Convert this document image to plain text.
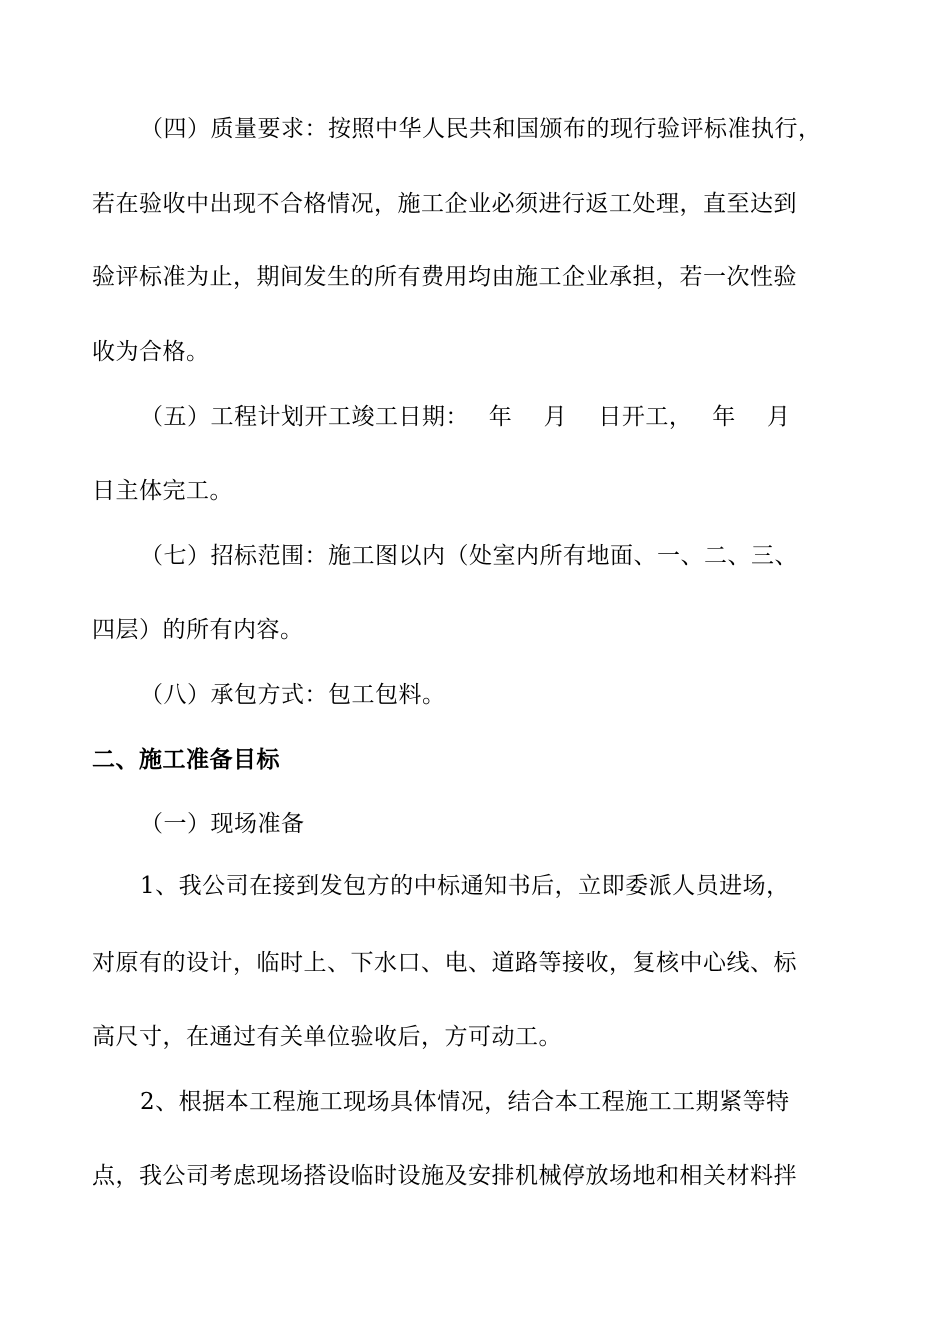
（四）质量要求：按照中华人民共和国颁布的现行验评标准执行，
若在验收中出现不合格情况，施工企业必须进行返工处理，直至达到
验评标准为止，期间发生的所有费用均由施工企业承担，若一次性验
收为合格。
（五）工程计划开工竣工日期：　 年　 月　 日开工，　 年　 月
日主体完工。
（七）招标范围：施工图以内（处室内所有地面、一、二、三、
四层）的所有内容。
（八）承包方式：包工包料。
二、施工准备目标
（一）现场准备
1、我公司在接到发包方的中标通知书后，立即委派人员进场，
对原有的设计，临时上、下水口、电、道路等接收，复核中心线、标
高尺寸，在通过有关单位验收后，方可动工。
2、根据本工程施工现场具体情况，结合本工程施工工期紧等特
点，我公司考虑现场搭设临时设施及安排机械停放场地和相关材料拌
